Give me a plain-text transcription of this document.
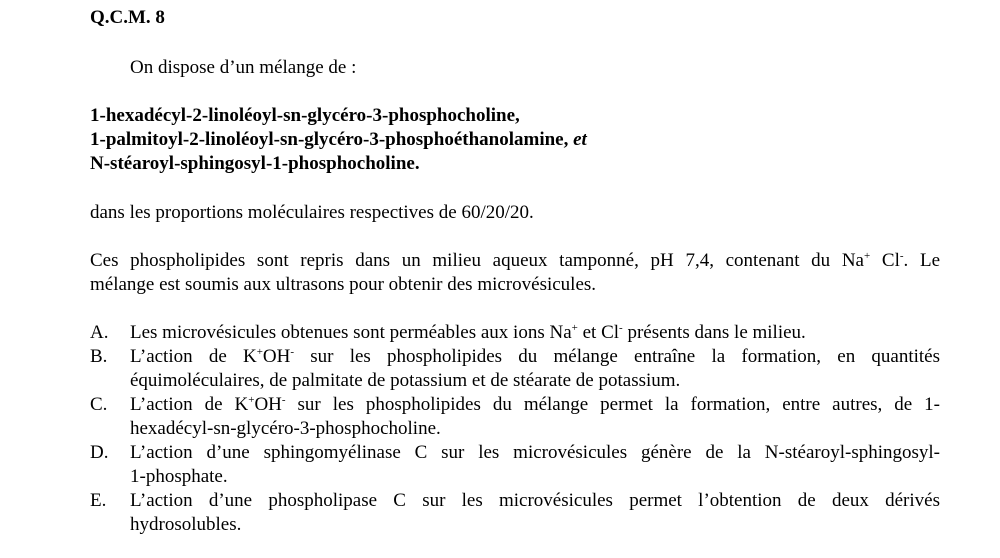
Q.C.M. 8
On dispose d’un mélange de :
1-hexadécyl-2-linoléoyl-sn-glycéro-3-phosphocholine,
1-palmitoyl-2-linoléoyl-sn-glycéro-3-phosphoéthanolamine, et
N-stéaroyl-sphingosyl-1-phosphocholine.
dans les proportions moléculaires respectives de 60/20/20.
Ces phospholipides sont repris dans un milieu aqueux tamponné, pH 7,4, contenant du Na+ Cl-. Le
mélange est soumis aux ultrasons pour obtenir des microvésicules.
A.	Les microvésicules obtenues sont perméables aux ions Na+ et Cl- présents dans le milieu.
B.	L’action de K+OH- sur les phospholipides du mélange entraîne la formation, en quantités
équimoléculaires, de palmitate de potassium et de stéarate de potassium.
C.	L’action de K+OH- sur les phospholipides du mélange permet la formation, entre autres, de 1-
hexadécyl-sn-glycéro-3-phosphocholine.
D.	L’action d’une sphingomyélinase C sur les microvésicules génère de la N-stéaroyl-sphingosyl-
1-phosphate.
E.	L’action d’une phospholipase C sur les microvésicules permet l’obtention de deux dérivés
hydrosolubles.
